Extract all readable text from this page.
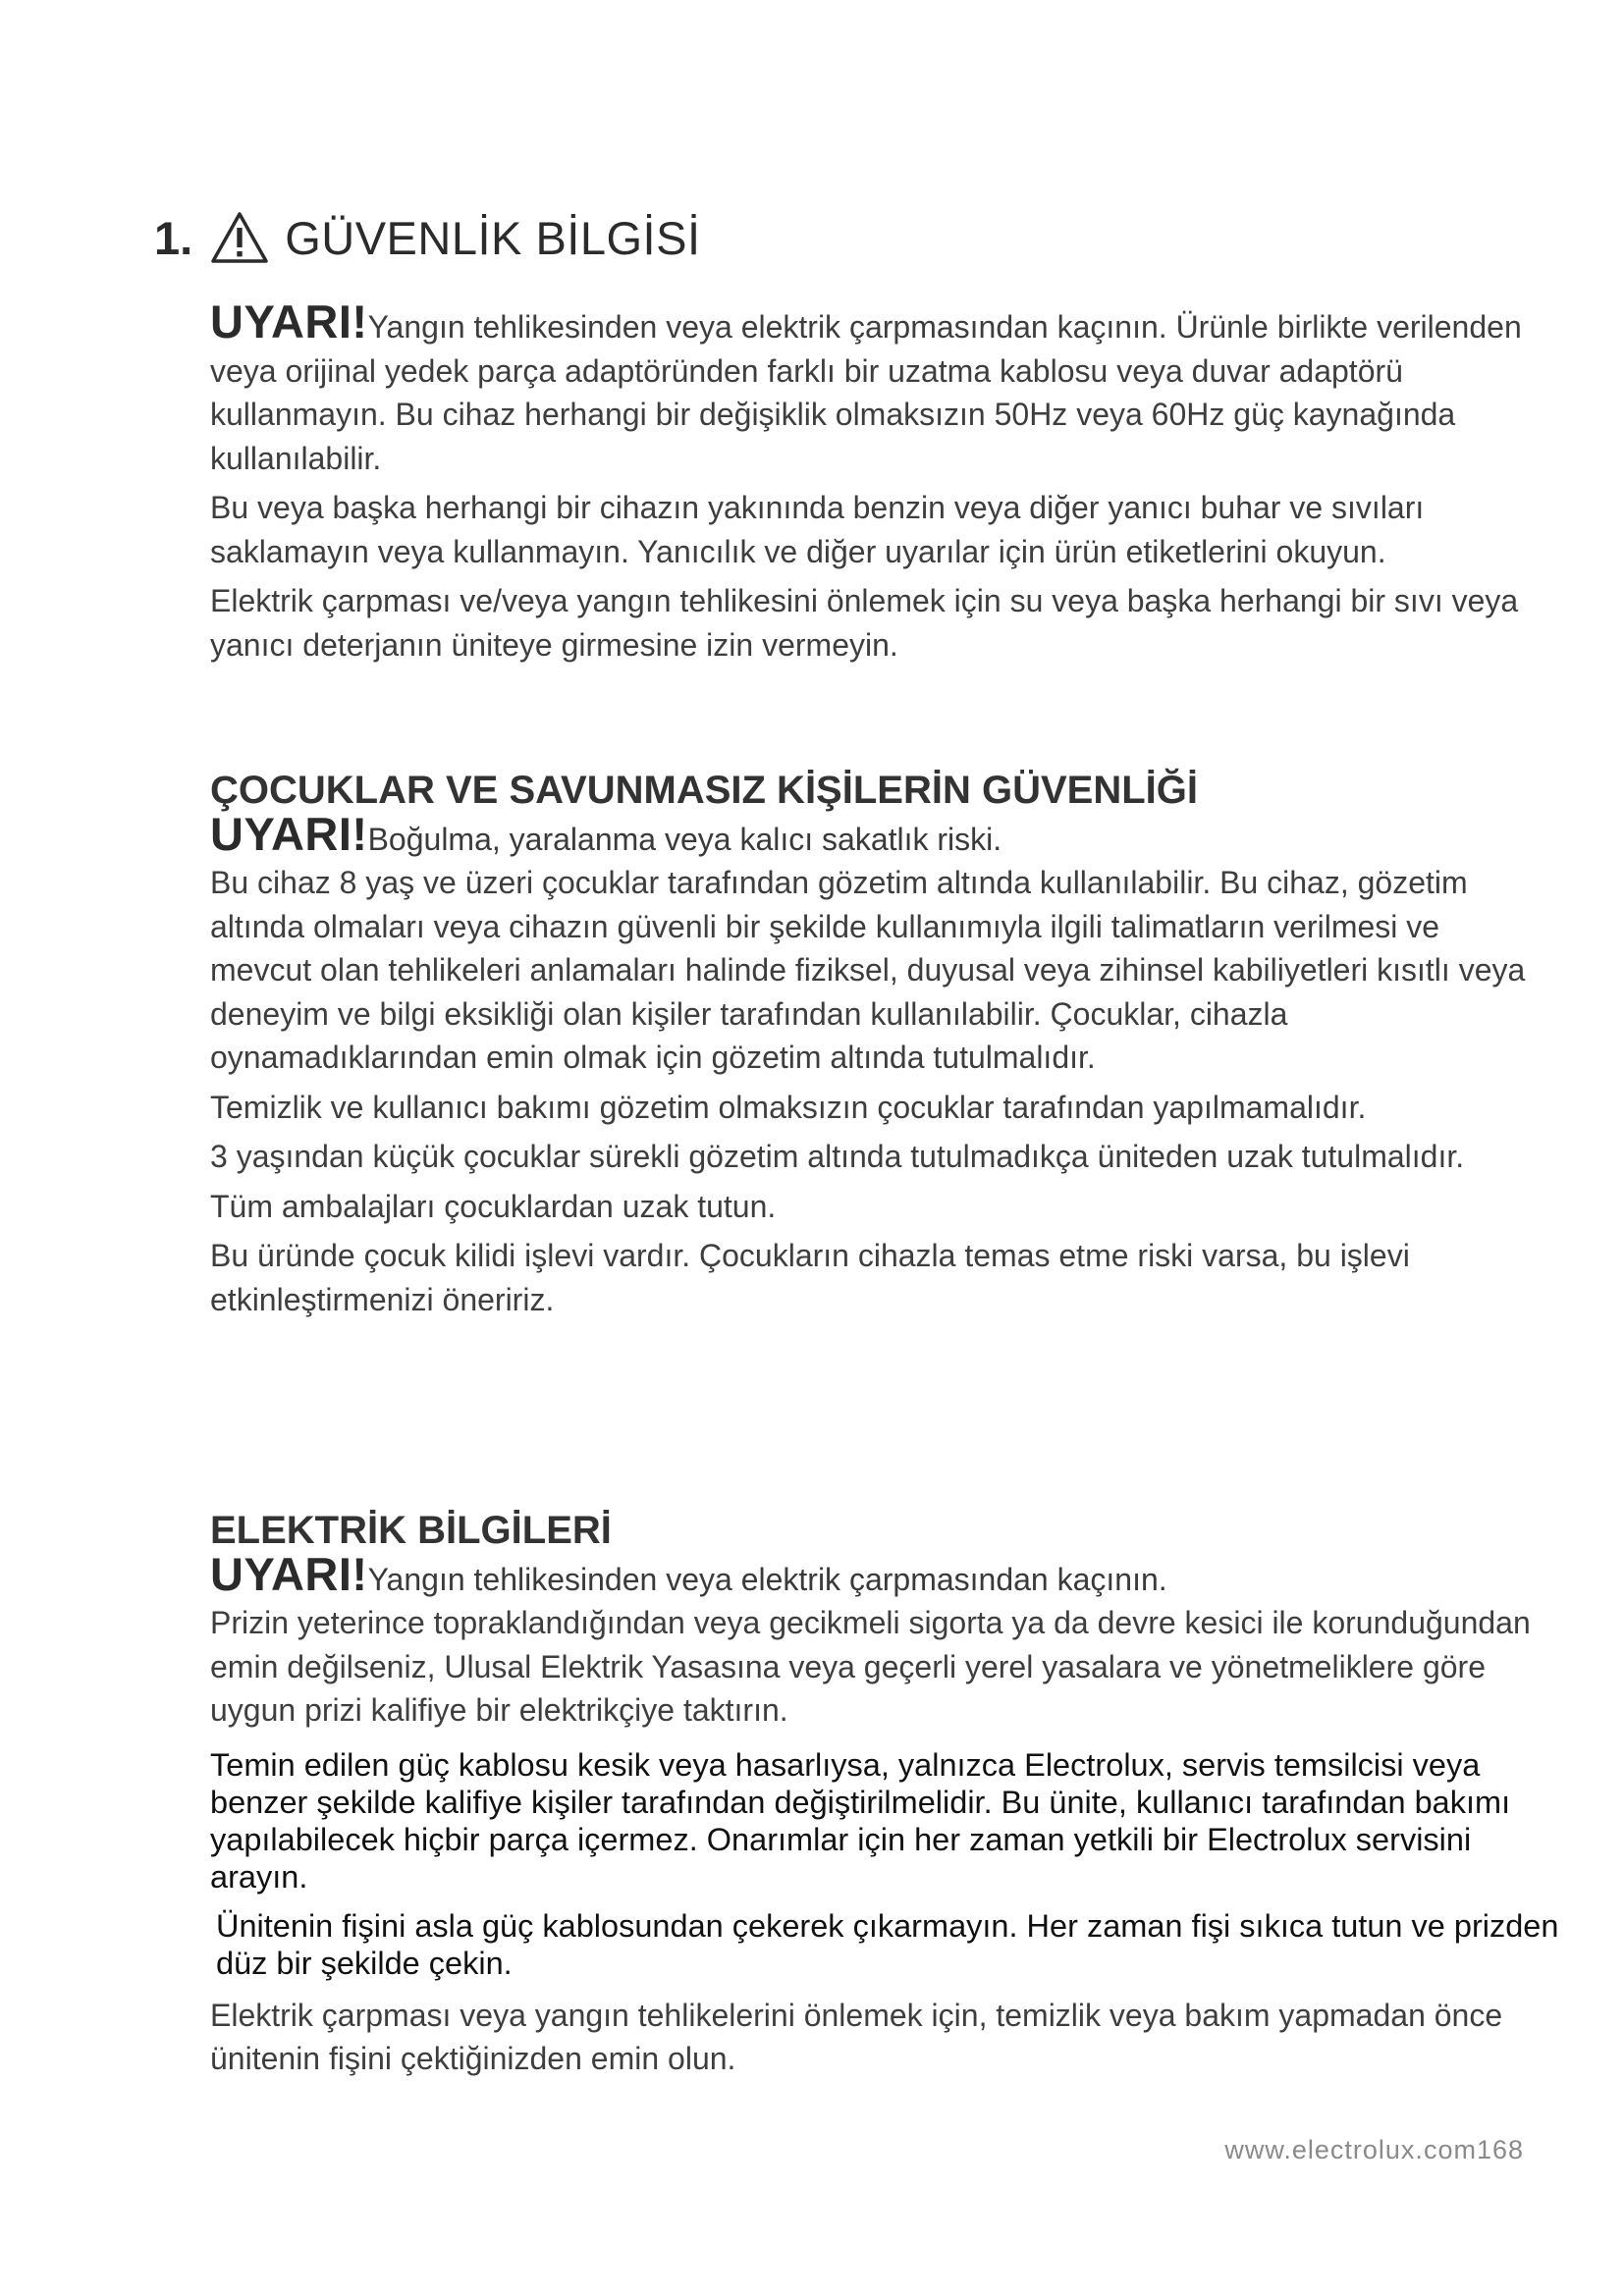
1. GÜVENLİK BİLGİSİ
UYARI!Yangın tehlikesinden veya elektrik çarpmasından kaçının. Ürünle birlikte verilenden veya orijinal yedek parça adaptöründen farklı bir uzatma kablosu veya duvar adaptörü kullanmayın. Bu cihaz herhangi bir değişiklik olmaksızın 50Hz veya 60Hz güç kaynağında kullanılabilir.

Bu veya başka herhangi bir cihazın yakınında benzin veya diğer yanıcı buhar ve sıvıları saklamayın veya kullanmayın. Yanıcılık ve diğer uyarılar için ürün etiketlerini okuyun.

Elektrik çarpması ve/veya yangın tehlikesini önlemek için su veya başka herhangi bir sıvı veya yanıcı deterjanın üniteye girmesine izin vermeyin.

ÇOCUKLAR VE SAVUNMASIZ KİŞİLERİN GÜVENLİĞİ
UYARI!Boğulma, yaralanma veya kalıcı sakatlık riski.

Bu cihaz 8 yaş ve üzeri çocuklar tarafından gözetim altında kullanılabilir. Bu cihaz, gözetim altında olmaları veya cihazın güvenli bir şekilde kullanımıyla ilgili talimatların verilmesi ve mevcut olan tehlikeleri anlamaları halinde fiziksel, duyusal veya zihinsel kabiliyetleri kısıtlı veya deneyim ve bilgi eksikliği olan kişiler tarafından kullanılabilir. Çocuklar, cihazla oynamadıklarından emin olmak için gözetim altında tutulmalıdır.

Temizlik ve kullanıcı bakımı gözetim olmaksızın çocuklar tarafından yapılmamalıdır.

3 yaşından küçük çocuklar sürekli gözetim altında tutulmadıkça üniteden uzak tutulmalıdır.

Tüm ambalajları çocuklardan uzak tutun.

Bu üründe çocuk kilidi işlevi vardır. Çocukların cihazla temas etme riski varsa, bu işlevi etkinleştirmenizi öneririz.

ELEKTRİK BİLGİLERİ
UYARI!Yangın tehlikesinden veya elektrik çarpmasından kaçının.

Prizin yeterince topraklandığından veya gecikmeli sigorta ya da devre kesici ile korunduğundan emin değilseniz, Ulusal Elektrik Yasasına veya geçerli yerel yasalara ve yönetmeliklere göre uygun prizi kalifiye bir elektrikçiye taktırın.

Temin edilen güç kablosu kesik veya hasarlıysa, yalnızca Electrolux, servis temsilcisi veya benzer şekilde kalifiye kişiler tarafından değiştirilmelidir. Bu ünite, kullanıcı tarafından bakımı yapılabilecek hiçbir parça içermez. Onarımlar için her zaman yetkili bir Electrolux servisini arayın.

Ünitenin fişini asla güç kablosundan çekerek çıkarmayın. Her zaman fişi sıkıca tutun ve prizden düz bir şekilde çekin.

Elektrik çarpması veya yangın tehlikelerini önlemek için, temizlik veya bakım yapmadan önce ünitenin fişini çektiğinizden emin olun.

www.electrolux.com168
